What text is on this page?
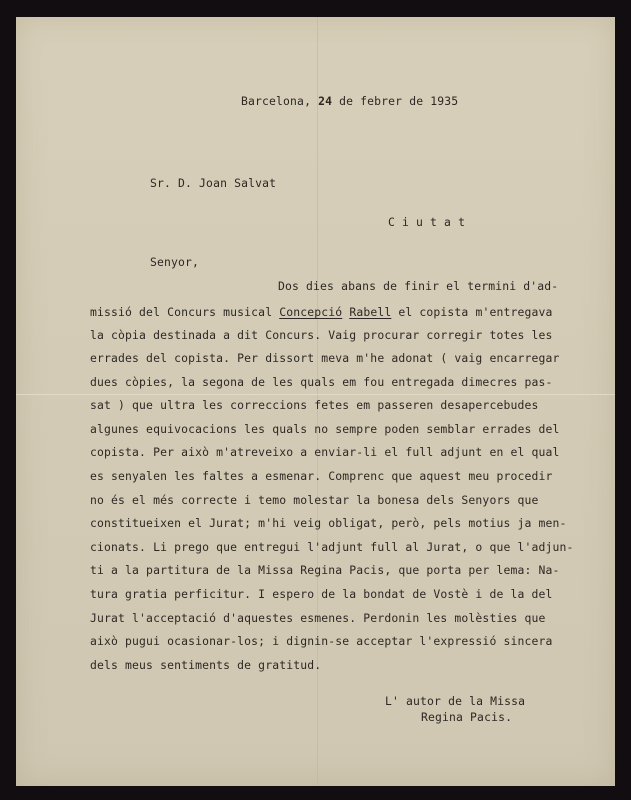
Barcelona, 24 de febrer de 1935
Sr. D. Joan Salvat
C i u t a t
Senyor,
Dos dies abans de finir el termini d'ad-
missió del Concurs musical Concepció Rabell el copista m'entregava
la còpia destinada a dit Concurs. Vaig procurar corregir totes les
errades del copista. Per dissort meva m'he adonat ( vaig encarregar
dues còpies, la segona de les quals em fou entregada dimecres pas-
sat ) que ultra les correccions fetes em passeren desapercebudes
algunes equivocacions les quals no sempre poden semblar errades del
copista. Per això m'atreveixo a enviar-li el full adjunt en el qual
es senyalen les faltes a esmenar. Comprenc que aquest meu procedir
no és el més correcte i temo molestar la bonesa dels Senyors que
constitueixen el Jurat; m'hi veig obligat, però, pels motius ja men-
cionats. Li prego que entregui l'adjunt full al Jurat, o que l'adjun-
ti a la partitura de la Missa Regina Pacis, que porta per lema: Na-
tura gratia perficitur. I espero de la bondat de Vostè i de la del
Jurat l'acceptació d'aquestes esmenes. Perdonin les molèsties que
això pugui ocasionar-los; i dignin-se acceptar l'expressió sincera
dels meus sentiments de gratitud.
L' autor de la Missa
Regina Pacis.
